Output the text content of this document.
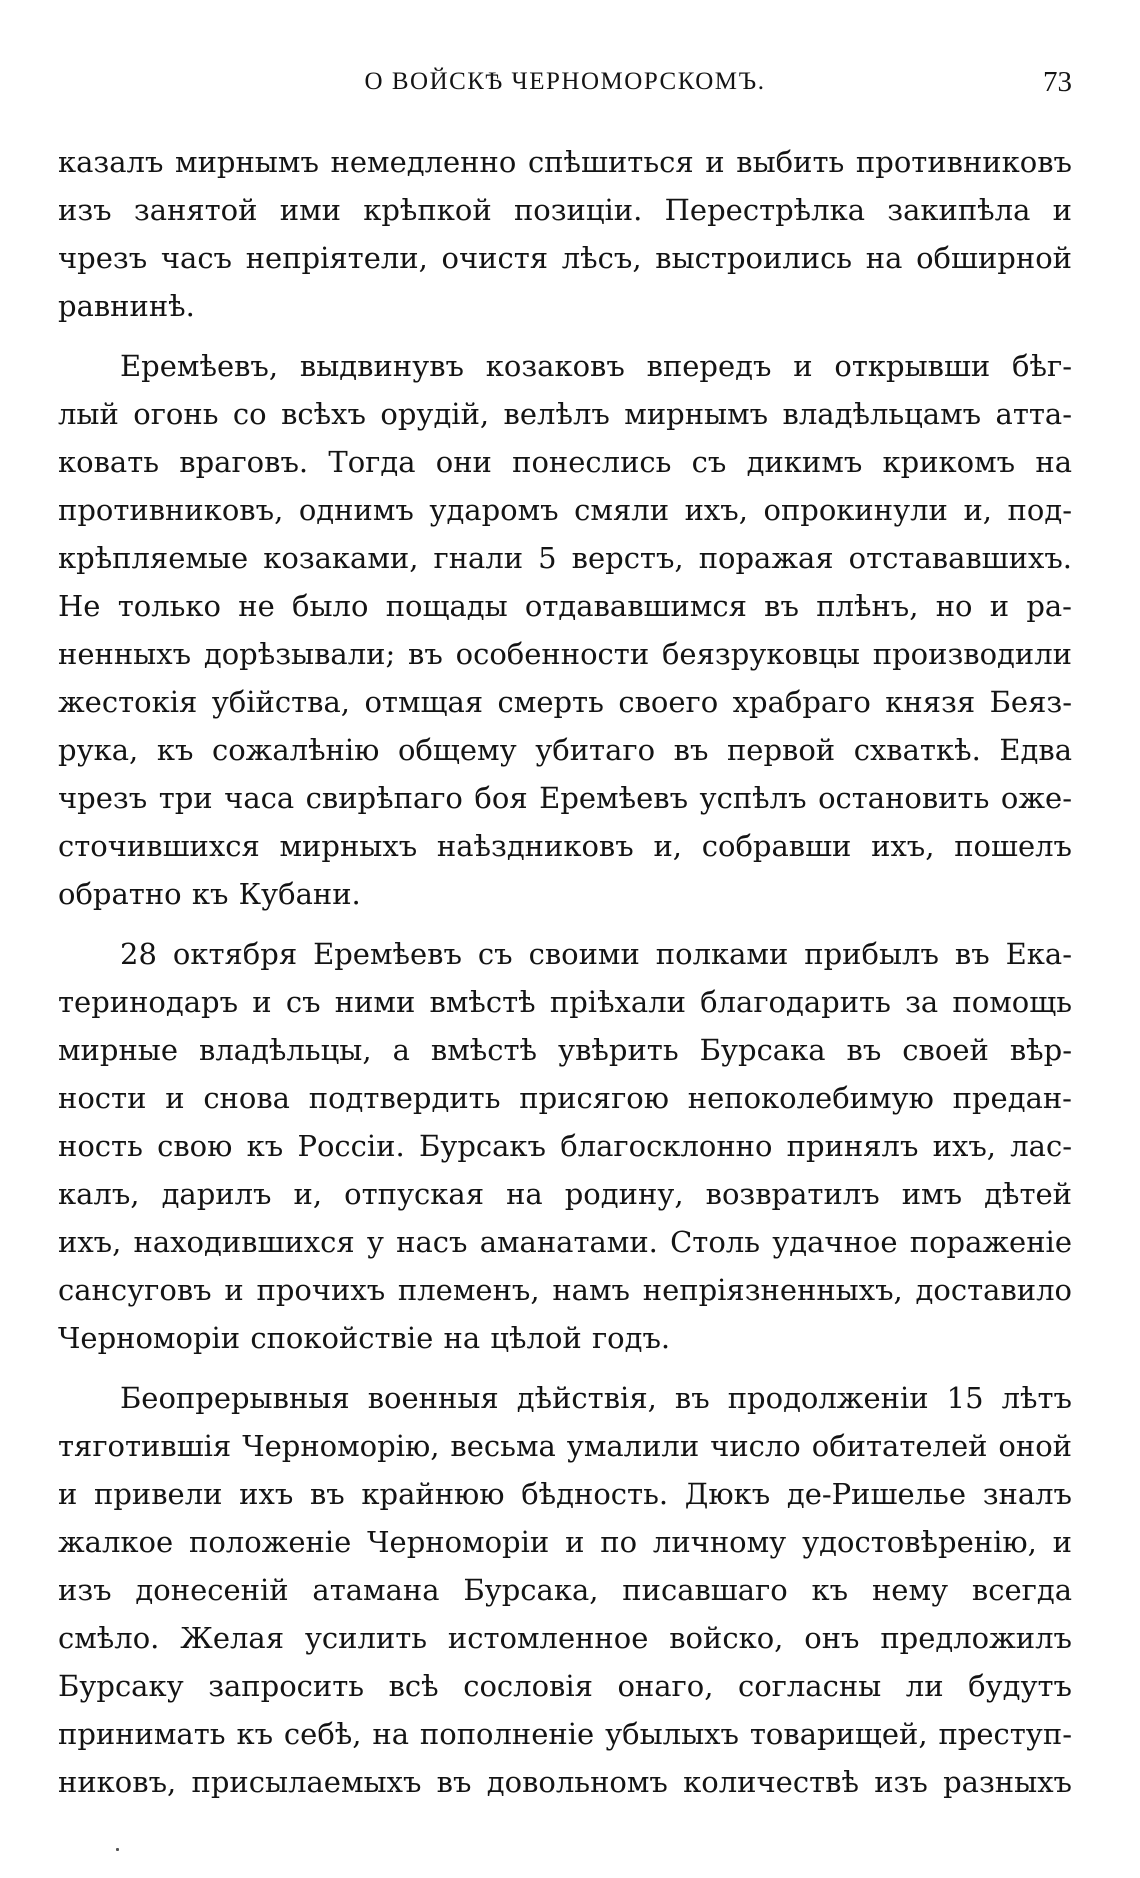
О ВОЙСКѢ ЧЕРНОМОРСКОМЪ.	73

казалъ мирнымъ немедленно спѣшиться и выбить противниковъ
изъ занятой ими крѣпкой позиціи. Перестрѣлка закипѣла и
чрезъ часъ непріятели, очистя лѣсъ, выстроились на обширной
равнинѣ.

Еремѣевъ, выдвинувъ козаковъ впередъ и открывши бѣг-
лый огонь со всѣхъ орудій, велѣлъ мирнымъ владѣльцамъ атта-
ковать враговъ. Тогда они понеслись съ дикимъ крикомъ на
противниковъ, однимъ ударомъ смяли ихъ, опрокинули и, под-
крѣпляемые козаками, гнали 5 верстъ, поражая отстававшихъ.
Не только не было пощады отдававшимся въ плѣнъ, но и ра-
ненныхъ дорѣзывали; въ особенности беязруковцы производили
жестокія убійства, отмщая смерть своего храбраго князя Беяз-
рука, къ сожалѣнію общему убитаго въ первой схваткѣ. Едва
чрезъ три часа свирѣпаго боя Еремѣевъ успѣлъ остановить оже-
сточившихся мирныхъ наѣздниковъ и, собравши ихъ, пошелъ
обратно къ Кубани.

28 октября Еремѣевъ съ своими полками прибылъ въ Ека-
теринодаръ и съ ними вмѣстѣ пріѣхали благодарить за помощь
мирные владѣльцы, а вмѣстѣ увѣрить Бурсака въ своей вѣр-
ности и снова подтвердить присягою непоколебимую предан-
ность свою къ Россіи. Бурсакъ благосклонно принялъ ихъ, лас-
калъ, дарилъ и, отпуская на родину, возвратилъ имъ дѣтей
ихъ, находившихся у насъ аманатами. Столь удачное пораженіе
сансуговъ и прочихъ племенъ, намъ непріязненныхъ, доставило
Черноморіи спокойствіе на цѣлой годъ.

Беопрерывныя военныя дѣйствія, въ продолженіи 15 лѣтъ
тяготившія Черноморію, весьма умалили число обитателей оной
и привели ихъ въ крайнюю бѣдность. Дюкъ де-Ришелье зналъ
жалкое положеніе Черноморіи и по личному удостовѣренію, и
изъ донесеній атамана Бурсака, писавшаго къ нему всегда
смѣло. Желая усилить истомленное войско, онъ предложилъ
Бурсаку запросить всѣ сословія онаго, согласны ли будутъ
принимать къ себѣ, на пополненіе убылыхъ товарищей, преступ-
никовъ, присылаемыхъ въ довольномъ количествѣ изъ разныхъ
